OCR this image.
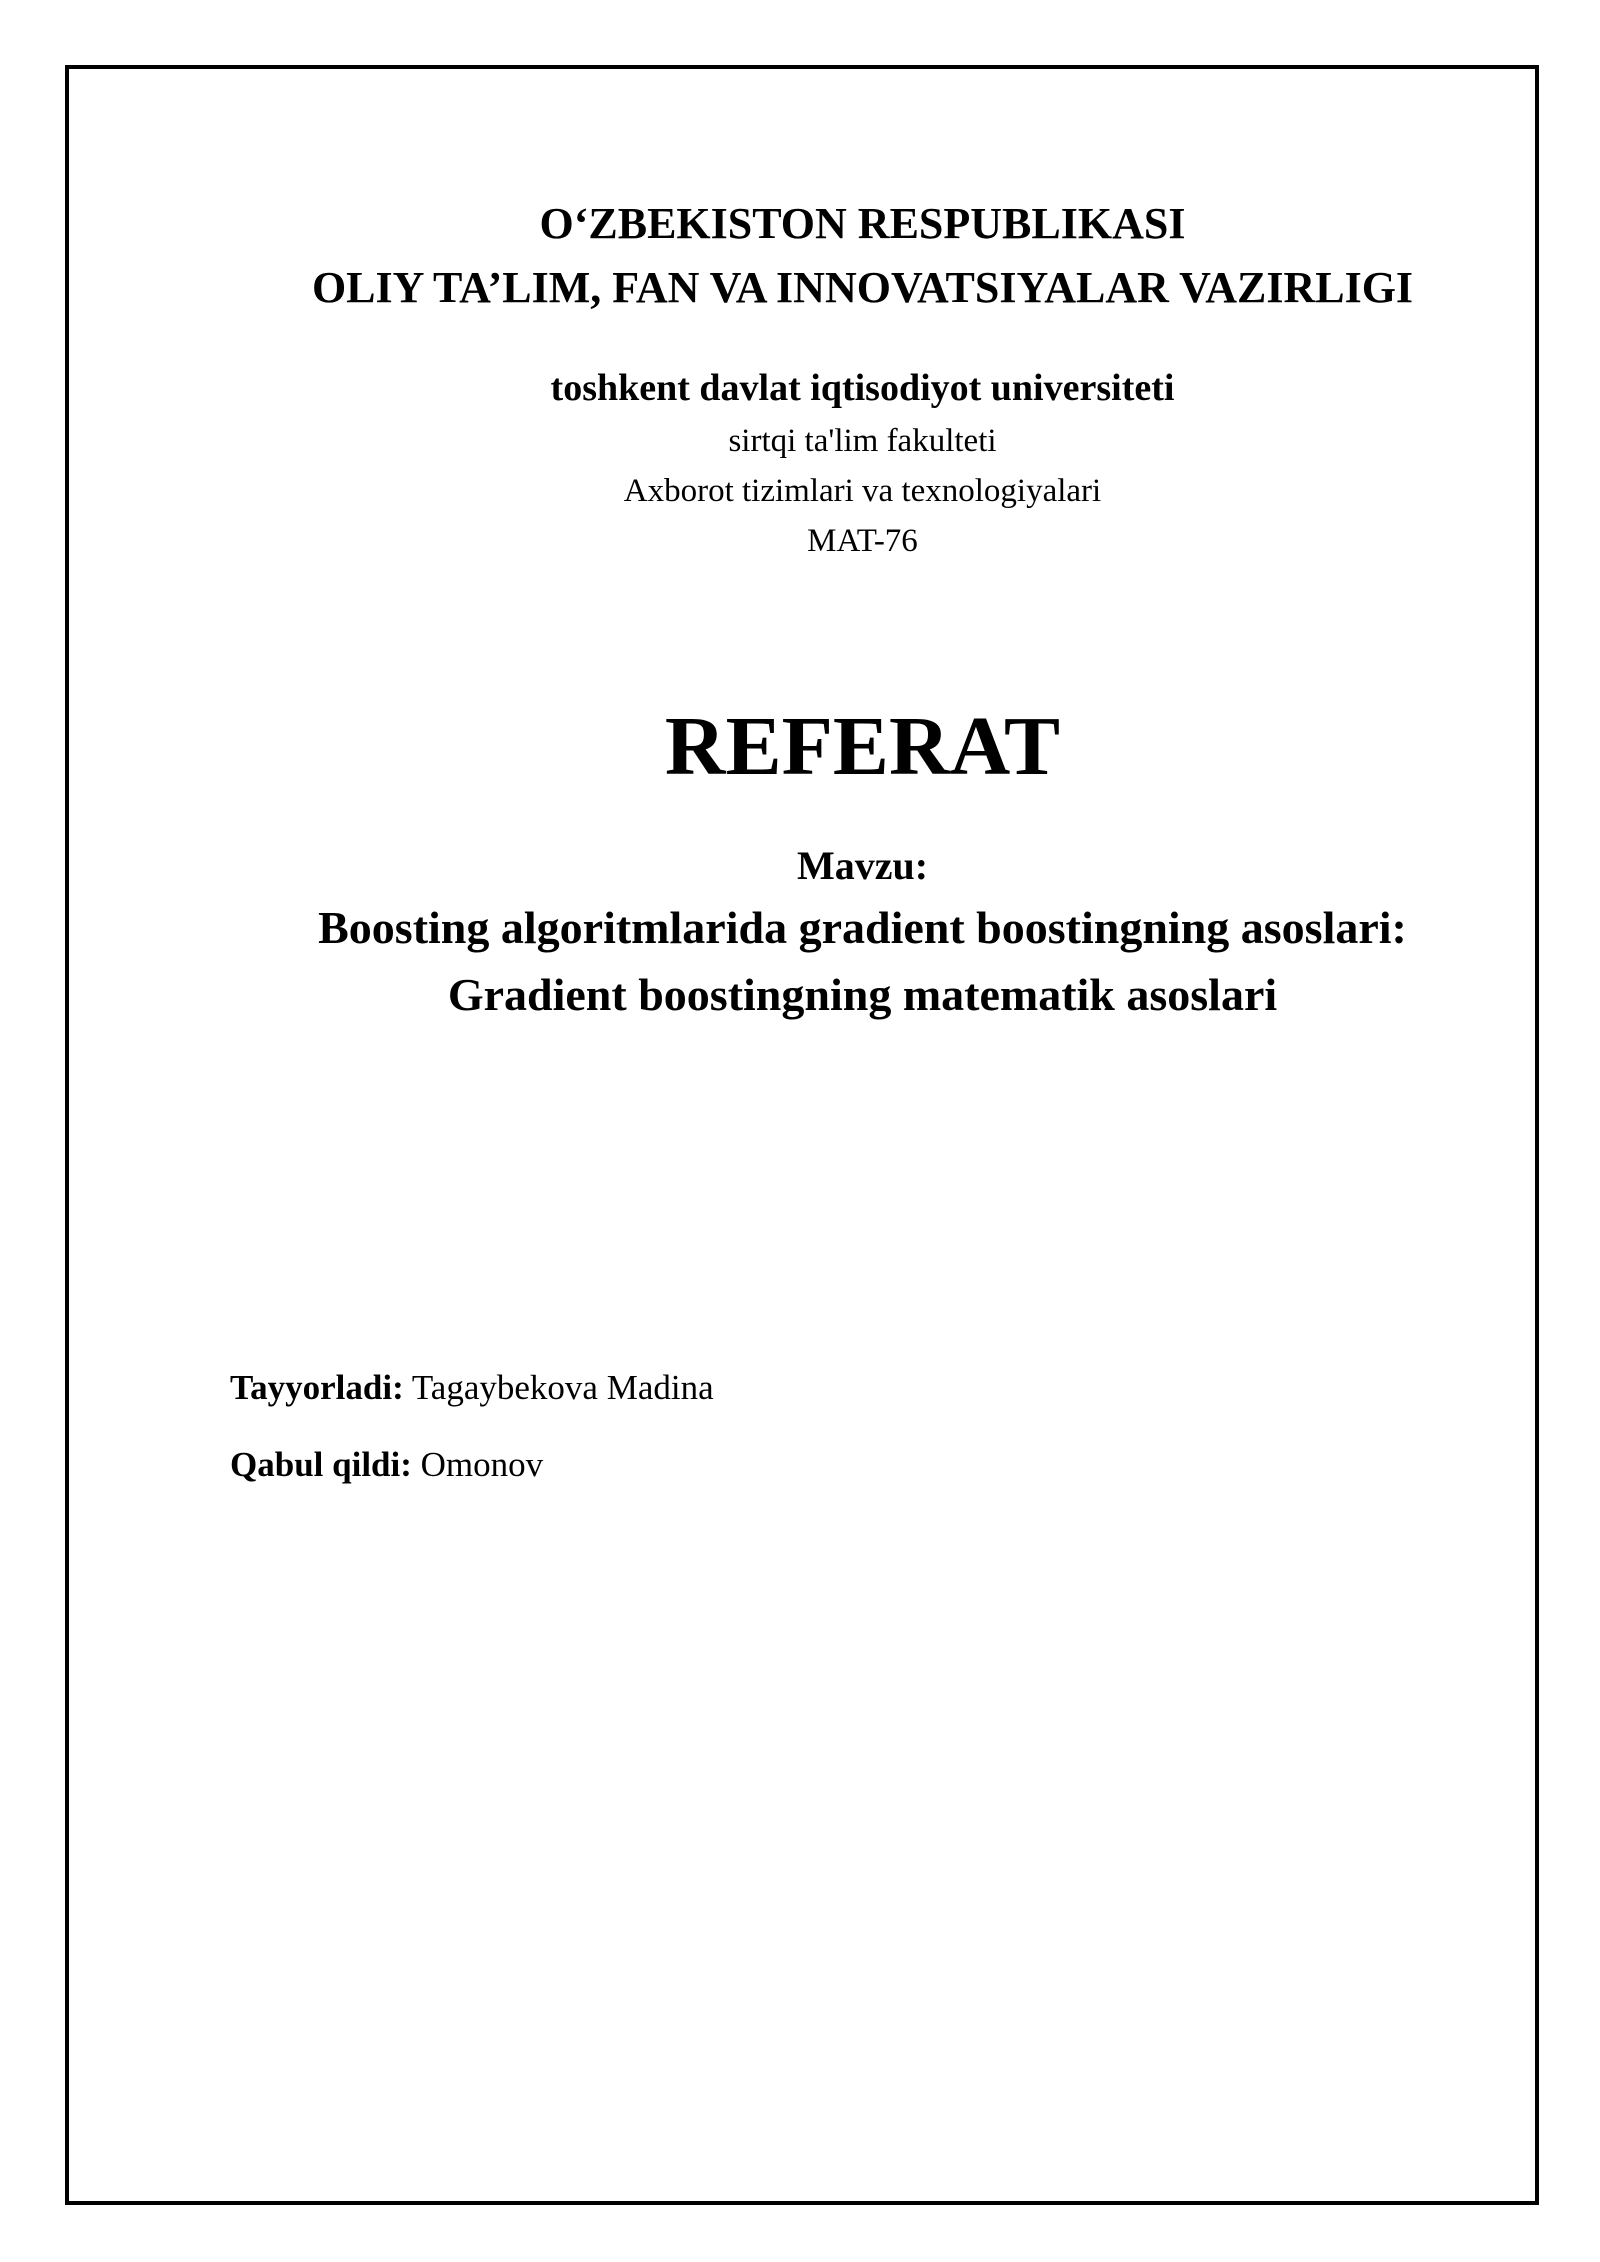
O‘ZBEKISTON RESPUBLIKASI
OLIY TA’LIM, FAN VA INNOVATSIYALAR VAZIRLIGI
toshkent davlat iqtisodiyot universiteti
sirtqi ta'lim fakulteti
Axborot tizimlari va texnologiyalari
MAT-76
REFERAT
Mavzu:
Boosting algoritmlarida gradient boostingning asoslari:
Gradient boostingning matematik asoslari
Tayyorladi: Tagaybekova Madina
Qabul qildi: Omonov
